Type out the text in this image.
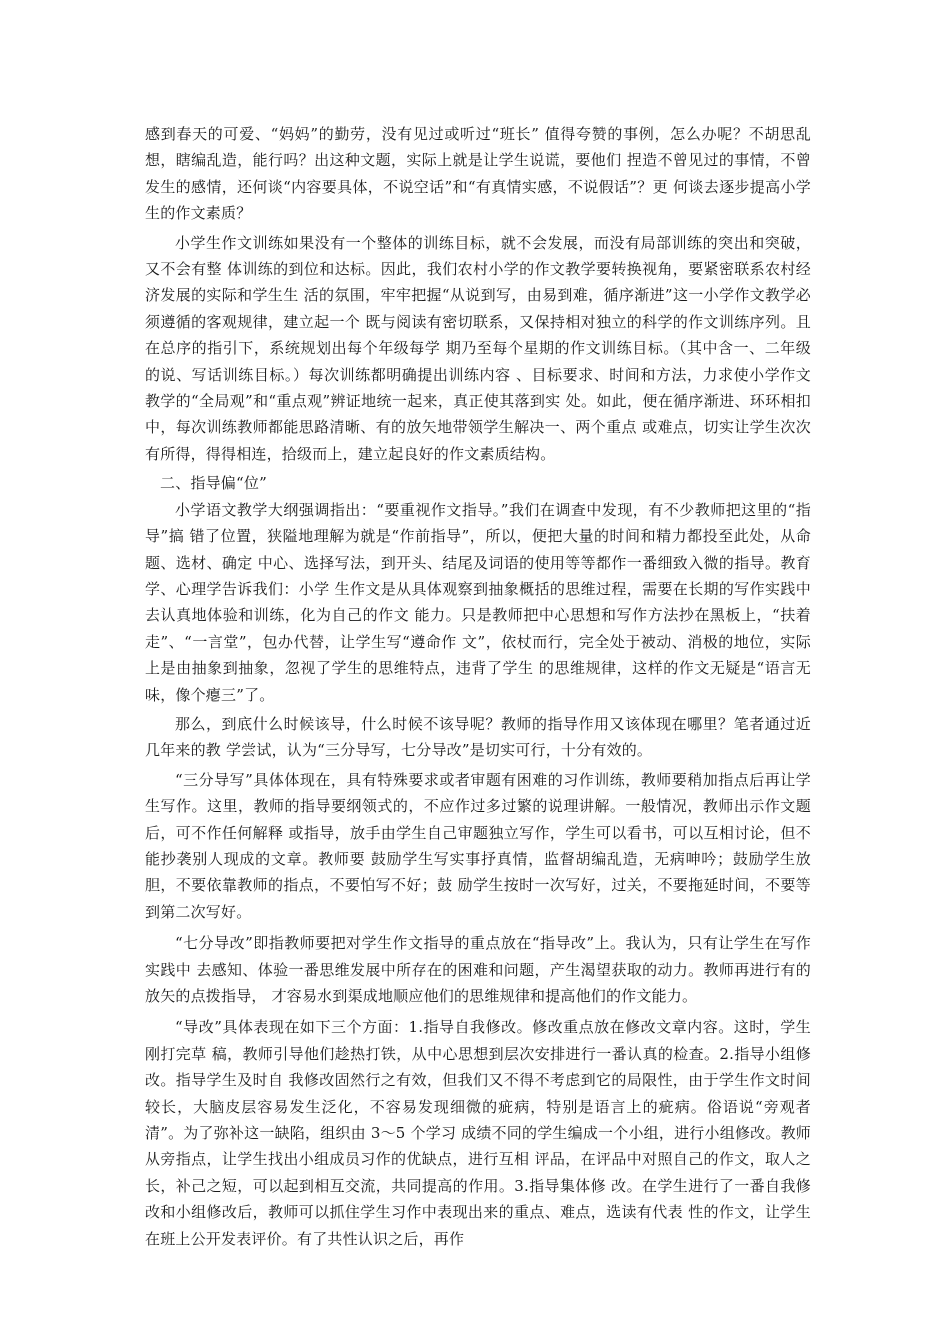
感到春天的可爱、“妈妈”的勤劳，没有见过或听过“班长” 值得夸赞的事例，怎么办呢？不胡思乱想，瞎编乱造，能行吗？出这种文题，实际上就是让学生说谎，要他们 捏造不曾见过的事情，不曾发生的感情，还何谈“内容要具体，不说空话”和“有真情实感，不说假话”？更 何谈去逐步提高小学生的作文素质？

小学生作文训练如果没有一个整体的训练目标，就不会发展，而没有局部训练的突出和突破，又不会有整 体训练的到位和达标。因此，我们农村小学的作文教学要转换视角，要紧密联系农村经济发展的实际和学生生 活的氛围，牢牢把握“从说到写，由易到难，循序渐进”这一小学作文教学必须遵循的客观规律，建立起一个 既与阅读有密切联系，又保持相对独立的科学的作文训练序列。且在总序的指引下，系统规划出每个年级每学 期乃至每个星期的作文训练目标。（其中含一、二年级的说、写话训练目标。）每次训练都明确提出训练内容 、目标要求、时间和方法，力求使小学作文教学的“全局观”和“重点观”辨证地统一起来，真正使其落到实 处。如此，便在循序渐进、环环相扣中，每次训练教师都能思路清晰、有的放矢地带领学生解决一、两个重点 或难点，切实让学生次次有所得，得得相连，拾级而上，建立起良好的作文素质结构。

二、指导偏“位”

小学语文教学大纲强调指出：“要重视作文指导。”我们在调查中发现，有不少教师把这里的“指导”搞 错了位置，狭隘地理解为就是“作前指导”，所以，便把大量的时间和精力都投至此处，从命题、选材、确定 中心、选择写法，到开头、结尾及词语的使用等等都作一番细致入微的指导。教育学、心理学告诉我们：小学 生作文是从具体观察到抽象概括的思维过程，需要在长期的写作实践中去认真地体验和训练，化为自己的作文 能力。只是教师把中心思想和写作方法抄在黑板上，“扶着走”、“一言堂”，包办代替，让学生写“遵命作 文”，依杖而行，完全处于被动、消极的地位，实际上是由抽象到抽象，忽视了学生的思维特点，违背了学生 的思维规律，这样的作文无疑是“语言无味，像个瘪三”了。

那么，到底什么时候该导，什么时候不该导呢？教师的指导作用又该体现在哪里？笔者通过近几年来的教 学尝试，认为“三分导写，七分导改”是切实可行，十分有效的。

“三分导写”具体体现在，具有特殊要求或者审题有困难的习作训练，教师要稍加指点后再让学生写作。这里，教师的指导要纲领式的，不应作过多过繁的说理讲解。一般情况，教师出示作文题后，可不作任何解释 或指导，放手由学生自己审题独立写作，学生可以看书，可以互相讨论，但不能抄袭别人现成的文章。教师要 鼓励学生写实事抒真情，监督胡编乱造，无病呻吟；鼓励学生放胆，不要依靠教师的指点，不要怕写不好；鼓 励学生按时一次写好，过关，不要拖延时间，不要等到第二次写好。

“七分导改”即指教师要把对学生作文指导的重点放在“指导改”上。我认为，只有让学生在写作实践中 去感知、体验一番思维发展中所存在的困难和问题，产生渴望获取的动力。教师再进行有的放矢的点拨指导， 才容易水到渠成地顺应他们的思维规律和提高他们的作文能力。

“导改”具体表现在如下三个方面：1.指导自我修改。修改重点放在修改文章内容。这时，学生刚打完草 稿，教师引导他们趁热打铁，从中心思想到层次安排进行一番认真的检查。2.指导小组修改。指导学生及时自 我修改固然行之有效，但我们又不得不考虑到它的局限性，由于学生作文时间较长，大脑皮层容易发生泛化，不容易发现细微的疵病，特别是语言上的疵病。俗语说“旁观者清”。为了弥补这一缺陷，组织由 3～5 个学习 成绩不同的学生编成一个小组，进行小组修改。教师从旁指点，让学生找出小组成员习作的优缺点，进行互相 评品，在评品中对照自己的作文，取人之长，补己之短，可以起到相互交流，共同提高的作用。3.指导集体修 改。在学生进行了一番自我修改和小组修改后，教师可以抓住学生习作中表现出来的重点、难点，选读有代表 性的作文，让学生在班上公开发表评价。有了共性认识之后，再作
